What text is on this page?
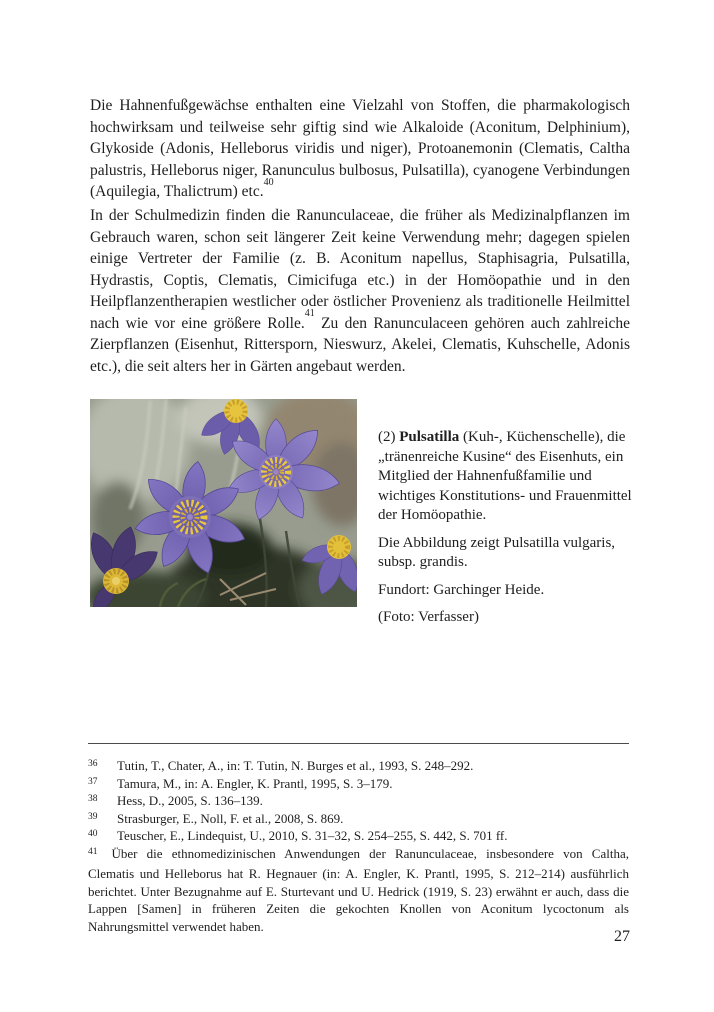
Die Hahnenfußgewächse enthalten eine Vielzahl von Stoffen, die pharmakologisch hochwirksam und teilweise sehr giftig sind wie Alkaloide (Aconitum, Delphinium), Glykoside (Adonis, Helleborus viridis und niger), Protoanemonin (Clematis, Caltha palustris, Helleborus niger, Ranunculus bulbosus, Pulsatilla), cyanogene Verbindungen (Aquilegia, Thalictrum) etc.$^{40}$

In der Schulmedizin finden die Ranunculaceae, die früher als Medizinalpflanzen im Gebrauch waren, schon seit längerer Zeit keine Verwendung mehr; dagegen spielen einige Vertreter der Familie (z. B. Aconitum napellus, Staphisagria, Pulsatilla, Hydrastis, Coptis, Clematis, Cimicifuga etc.) in der Homöopathie und in den Heilpflanzentherapien westlicher oder östlicher Provenienz als traditionelle Heilmittel nach wie vor eine größere Rolle.$^{41}$ Zu den Ranunculaceen gehören auch zahlreiche Zierpflanzen (Eisenhut, Rittersporn, Nieswurz, Akelei, Clematis, Kuhschelle, Adonis etc.), die seit alters her in Gärten angebaut werden.

(2) Pulsatilla (Kuh-, Küchenschelle), die „tränenreiche Kusine“ des Eisenhuts, ein Mitglied der Hahnenfußfamilie und wichtiges Konstitutions- und Frauenmittel der Homöopathie.

Die Abbildung zeigt Pulsatilla vulgaris, subsp. grandis.

Fundort: Garchinger Heide.

(Foto: Verfasser)

36	Tutin, T., Chater, A., in: T. Tutin, N. Burges et al., 1993, S. 248–292.
37	Tamura, M., in: A. Engler, K. Prantl, 1995, S. 3–179.
38	Hess, D., 2005, S. 136–139.
39	Strasburger, E., Noll, F. et al., 2008, S. 869.
40	Teuscher, E., Lindequist, U., 2010, S. 31–32, S. 254–255, S. 442, S. 701 ff.

$^{41}$ Über die ethnomedizinischen Anwendungen der Ranunculaceae, insbesondere von Caltha, Clematis und Helleborus hat R. Hegnauer (in: A. Engler, K. Prantl, 1995, S. 212–214) ausführlich berichtet. Unter Bezugnahme auf E. Sturtevant und U. Hedrick (1919, S. 23) erwähnt er auch, dass die Lappen [Samen] in früheren Zeiten die gekochten Knollen von Aconitum lycoctonum als Nahrungsmittel verwendet haben.

27
